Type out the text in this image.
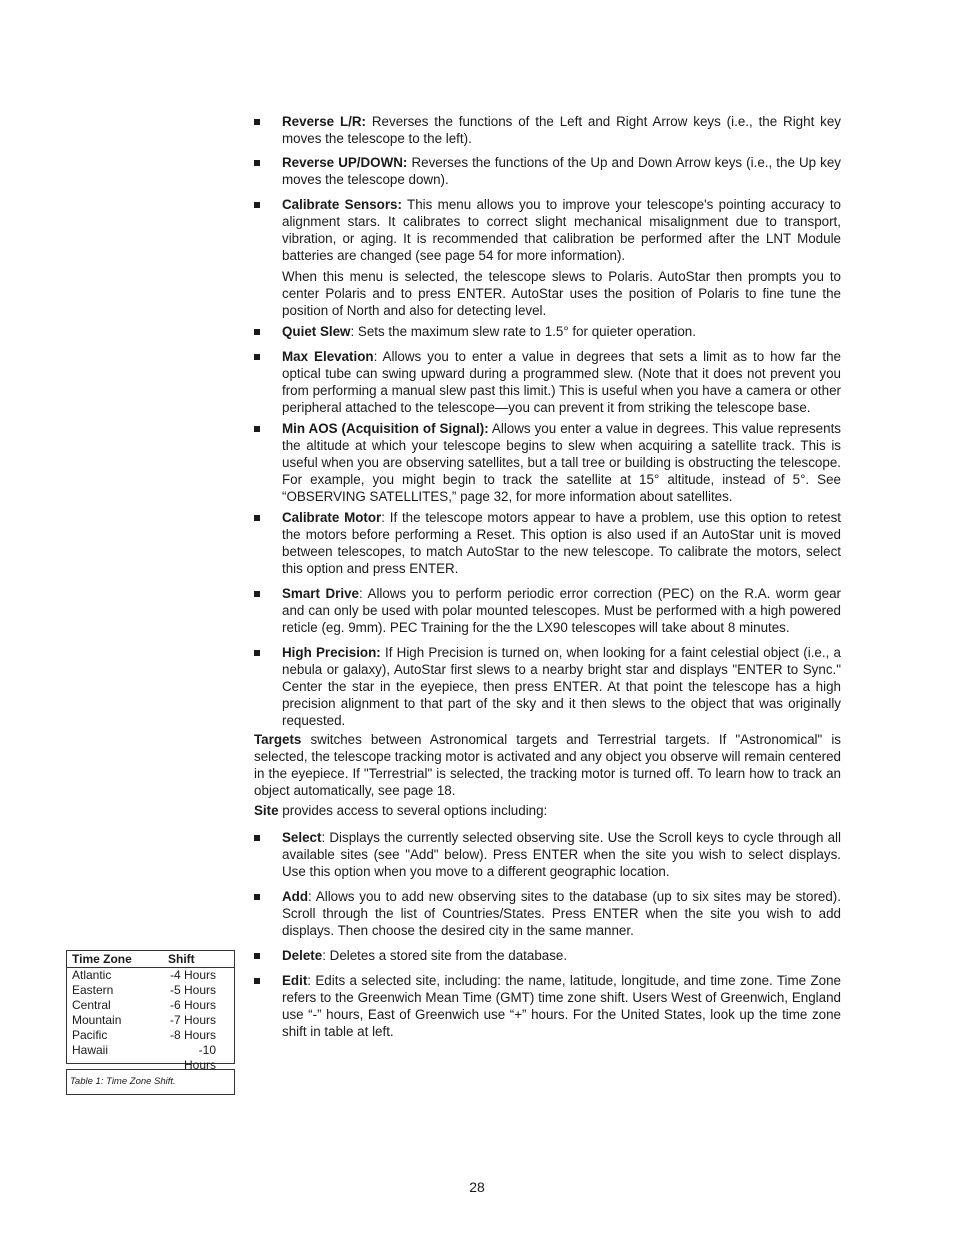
Reverse L/R: Reverses the functions of the Left and Right Arrow keys (i.e., the Right key moves the telescope to the left).

Reverse UP/DOWN: Reverses the functions of the Up and Down Arrow keys (i.e., the Up key moves the telescope down).

Calibrate Sensors: This menu allows you to improve your telescope's pointing accuracy to alignment stars. It calibrates to correct slight mechanical misalignment due to transport, vibration, or aging. It is recommended that calibration be performed after the LNT Module batteries are changed (see page 54 for more information).

When this menu is selected, the telescope slews to Polaris. AutoStar then prompts you to center Polaris and to press ENTER. AutoStar uses the position of Polaris to fine tune the position of North and also for detecting level.

Quiet Slew: Sets the maximum slew rate to 1.5° for quieter operation.

Max Elevation: Allows you to enter a value in degrees that sets a limit as to how far the optical tube can swing upward during a programmed slew. (Note that it does not prevent you from performing a manual slew past this limit.) This is useful when you have a camera or other peripheral attached to the telescope—you can prevent it from striking the telescope base.

Min AOS (Acquisition of Signal): Allows you enter a value in degrees. This value represents the altitude at which your telescope begins to slew when acquiring a satellite track. This is useful when you are observing satellites, but a tall tree or building is obstructing the telescope. For example, you might begin to track the satellite at 15° altitude, instead of 5°. See “OBSERVING SATELLITES,” page 32, for more information about satellites.

Calibrate Motor: If the telescope motors appear to have a problem, use this option to retest the motors before performing a Reset. This option is also used if an AutoStar unit is moved between telescopes, to match AutoStar to the new telescope. To calibrate the motors, select this option and press ENTER.

Smart Drive: Allows you to perform periodic error correction (PEC) on the R.A. worm gear and can only be used with polar mounted telescopes. Must be performed with a high powered reticle (eg. 9mm). PEC Training for the the LX90 telescopes will take about 8 minutes.

High Precision: If High Precision is turned on, when looking for a faint celestial object (i.e., a nebula or galaxy), AutoStar first slews to a nearby bright star and displays "ENTER to Sync." Center the star in the eyepiece, then press ENTER. At that point the telescope has a high precision alignment to that part of the sky and it then slews to the object that was originally requested.

Targets switches between Astronomical targets and Terrestrial targets. If "Astronomical" is selected, the telescope tracking motor is activated and any object you observe will remain centered in the eyepiece. If "Terrestrial" is selected, the tracking motor is turned off. To learn how to track an object automatically, see page 18.

Site provides access to several options including:

Select: Displays the currently selected observing site. Use the Scroll keys to cycle through all available sites (see "Add" below). Press ENTER when the site you wish to select displays. Use this option when you move to a different geographic location.

Add: Allows you to add new observing sites to the database (up to six sites may be stored). Scroll through the list of Countries/States. Press ENTER when the site you wish to add displays. Then choose the desired city in the same manner.

Delete: Deletes a stored site from the database.

Edit: Edits a selected site, including: the name, latitude, longitude, and time zone. Time Zone refers to the Greenwich Mean Time (GMT) time zone shift. Users West of Greenwich, England use “-” hours, East of Greenwich use “+” hours. For the United States, look up the time zone shift in table at left.

Time Zone	Shift
Atlantic	-4 Hours
Eastern	-5 Hours
Central	-6 Hours
Mountain	-7 Hours
Pacific	-8 Hours
Hawaii	-10 Hours
Table 1: Time Zone Shift.
28
